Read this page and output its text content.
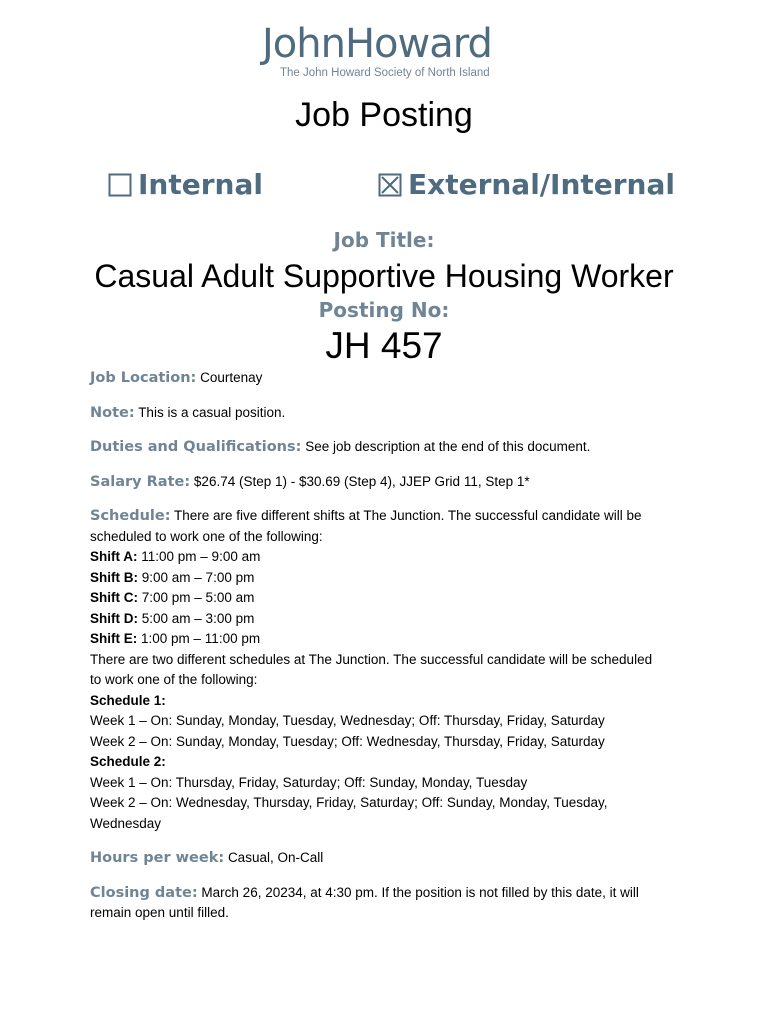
JohnHoward
The John Howard Society of North Island
Job Posting
Internal	External/Internal
Job Title:
Casual Adult Supportive Housing Worker
Posting No:
JH 457
Job Location: Courtenay
Note: This is a casual position.
Duties and Qualifications: See job description at the end of this document.
Salary Rate: $26.74 (Step 1) - $30.69 (Step 4), JJEP Grid 11, Step 1*
Schedule: There are five different shifts at The Junction. The successful candidate will be
scheduled to work one of the following:
Shift A: 11:00 pm – 9:00 am
Shift B: 9:00 am – 7:00 pm
Shift C: 7:00 pm – 5:00 am
Shift D: 5:00 am – 3:00 pm
Shift E: 1:00 pm – 11:00 pm
There are two different schedules at The Junction. The successful candidate will be scheduled
to work one of the following:
Schedule 1:
Week 1 – On: Sunday, Monday, Tuesday, Wednesday; Off: Thursday, Friday, Saturday
Week 2 – On: Sunday, Monday, Tuesday; Off: Wednesday, Thursday, Friday, Saturday
Schedule 2:
Week 1 – On: Thursday, Friday, Saturday; Off: Sunday, Monday, Tuesday
Week 2 – On: Wednesday, Thursday, Friday, Saturday; Off: Sunday, Monday, Tuesday,
Wednesday
Hours per week: Casual, On-Call
Closing date: March 26, 20234, at 4:30 pm. If the position is not filled by this date, it will
remain open until filled.
